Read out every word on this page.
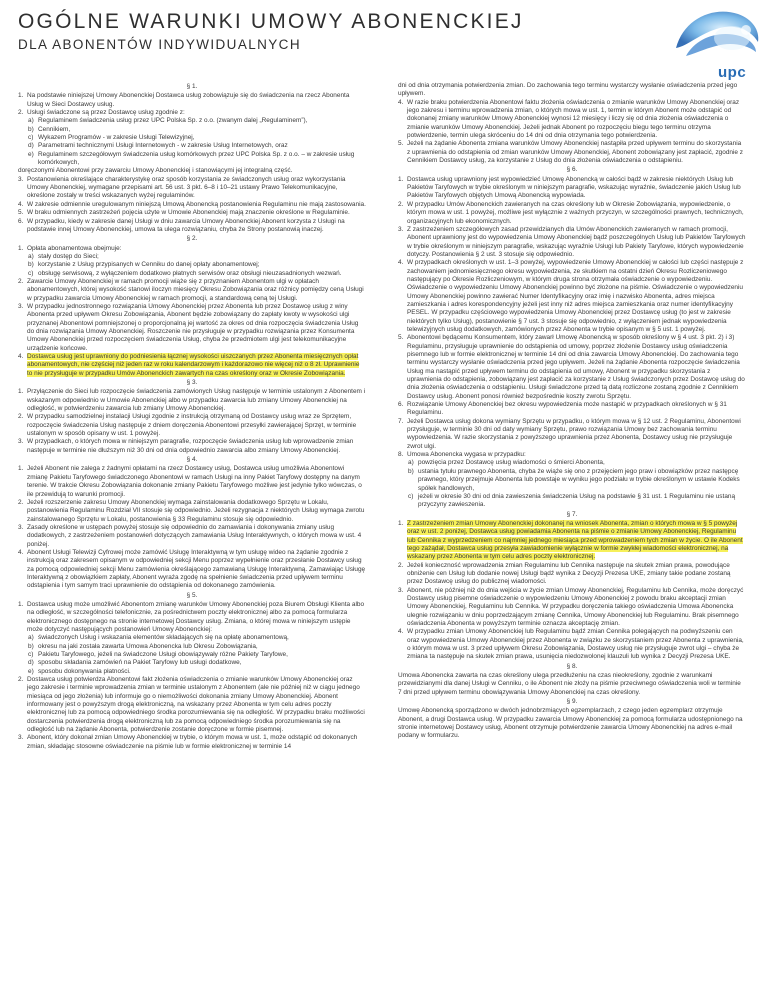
OGÓLNE WARUNKI UMOWY ABONENCKIEJ
DLA ABONENTÓW INDYWIDUALNYCH
upc
§ 1.
1. Na podstawie niniejszej Umowy Abonenckiej Dostawca usług zobowiązuje się do świadczenia na rzecz Abonenta Usług w Sieci Dostawcy usług.
2. Usługi świadczone są przez Dostawcę usług zgodnie z:
a) Regulaminem świadczenia usług przez UPC Polska Sp. z o.o. (zwanym dalej „Regulaminem”),
b) Cennikiem,
c) Wykazem Programów - w zakresie Usługi Telewizyjnej,
d) Parametrami technicznymi Usługi Internetowych - w zakresie Usług Internetowych, oraz
e) Regulaminem szczegółowym świadczenia usług komórkowych przez UPC Polska Sp. z o.o. – w zakresie usług komórkowych,
doręczonymi Abonentowi przy zawarciu Umowy Abonenckiej i stanowiącymi jej integralną część.
3. Postanowienia określające charakterystykę oraz sposób korzystania ze świadczonych usług oraz wykorzystania Umowy Abonenckiej, wymagane przepisami art. 56 ust. 3 pkt. 6–8 i 10–21 ustawy Prawo Telekomunikacyjne, określone zostały w treści wskazanych wyżej regulaminów.
4. W zakresie odmiennie uregulowanym niniejszą Umową Abonencką postanowienia Regulaminu nie mają zastosowania.
5. W braku odmiennych zastrzeżeń pojęcia użyte w Umowie Abonenckiej mają znaczenie określone w Regulaminie.
6. W przypadku, kiedy w zakresie danej Usługi w dniu zawarcia Umowy Abonenckiej Abonent korzysta z Usługi na podstawie innej Umowy Abonenckiej, umowa ta ulega rozwiązaniu, chyba że Strony postanowią inaczej.
§ 2.
1. Opłata abonamentowa obejmuje:
a) stały dostęp do Sieci;
b) korzystanie z Usług przypisanych w Cenniku do danej opłaty abonamentowej;
c) obsługę serwisową, z wyłączeniem dodatkowo płatnych serwisów oraz obsługi nieuzasadnionych wezwań.
2. Zawarcie Umowy Abonenckiej w ramach promocji wiąże się z przyznaniem Abonentom ulgi w opłatach abonamentowych, której wysokość stanowi iloczyn miesięcy Okresu Zobowiązania oraz różnicy pomiędzy ceną Usługi w przypadku zawarcia Umowy Abonenckiej w ramach promocji, a standardową ceną tej Usługi.
3. W przypadku jednostronnego rozwiązania Umowy Abonenckiej przez Abonenta lub przez Dostawcę usług z winy Abonenta przed upływem Okresu Zobowiązania, Abonent będzie zobowiązany do zapłaty kwoty w wysokości ulgi przyznanej Abonentowi pomniejszonej o proporcjonalną jej wartość za okres od dnia rozpoczęcia świadczenia Usług do dnia rozwiązania Umowy Abonenckiej. Roszczenie nie przysługuje w przypadku rozwiązania przez Konsumenta Umowy Abonenckiej przed rozpoczęciem świadczenia Usług, chyba że przedmiotem ulgi jest telekomunikacyjne urządzenie końcowe.
4. Dostawca usług jest uprawniony do podniesienia łącznej wysokości uiszczanych przez Abonenta miesięcznych opłat abonamentowych, nie częściej niż jeden raz w roku kalendarzowym i każdorazowo nie więcej niż o 8 zł. Uprawnienie to nie przysługuje w przypadku Umów Abonenckich zawartych na czas określony oraz w Okresie Zobowiązania.
§ 3.
1. Przyłączenie do Sieci lub rozpoczęcie świadczenia zamówionych Usług następuje w terminie ustalonym z Abonentem i wskazanym odpowiednio w Umowie Abonenckiej albo w przypadku zawarcia lub zmiany Umowy Abonenckiej na odległość, w potwierdzeniu zawarcia lub zmiany Umowy Abonenckiej.
2. W przypadku samodzielnej instalacji Usługi zgodnie z instrukcją otrzymaną od Dostawcy usług wraz ze Sprzętem, rozpoczęcie świadczenia Usług następuje z dniem doręczenia Abonentowi przesyłki zawierającej Sprzęt, w terminie ustalonym w sposób opisany w ust. 1 powyżej.
3. W przypadkach, o których mowa w niniejszym paragrafie, rozpoczęcie świadczenia usług lub wprowadzenie zmian następuje w terminie nie dłuższym niż 30 dni od dnia odpowiednio zawarcia albo zmiany Umowy Abonenckiej.
§ 4.
1. Jeżeli Abonent nie zalega z żadnymi opłatami na rzecz Dostawcy usług, Dostawca usług umożliwia Abonentowi zmianę Pakietu Taryfowego świadczonego Abonentowi w ramach Usługi na inny Pakiet Taryfowy dostępny na danym terenie. W trakcie Okresu Zobowiązania dokonanie zmiany Pakietu Taryfowego możliwe jest jedynie tylko wówczas, o ile przewidują to warunki promocji.
2. Jeżeli rozszerzenie zakresu Umowy Abonenckiej wymaga zainstalowania dodatkowego Sprzętu w Lokalu, postanowienia Regulaminu Rozdział VII stosuje się odpowiednio. Jeżeli rezygnacja z niektórych Usług wymaga zwrotu zainstalowanego Sprzętu w Lokalu, postanowienia § 33 Regulaminu stosuje się odpowiednio.
3. Zasady określone w ustępach powyżej stosuje się odpowiednio do zamawiania i dokonywania zmiany usług dodatkowych, z zastrzeżeniem postanowień dotyczących zamawiania Usług Interaktywnych, o których mowa w ust. 4 poniżej.
4. Abonent Usługi Telewizji Cyfrowej może zamówić Usługę Interaktywną w tym usługę wideo na żądanie zgodnie z instrukcją oraz zakresem opisanym w odpowiedniej sekcji Menu poprzez wypełnienie oraz przesłanie Dostawcy usług za pomocą odpowiedniej sekcji Menu zamówienia określającego zamawianą Usługę Interaktywną. Zamawiając Usługę Interaktywną z obowiązkiem zapłaty, Abonent wyraża zgodę na spełnienie świadczenia przed upływem terminu odstąpienia i tym samym traci uprawnienie do odstąpienia od dokonanego zamówienia.
§ 5.
1. Dostawca usług może umożliwić Abonentom zmianę warunków Umowy Abonenckiej poza Biurem Obsługi Klienta albo na odległość, w szczególności telefonicznie, za pośrednictwem poczty elektronicznej albo za pomocą formularza elektronicznego dostępnego na stronie internetowej Dostawcy usług. Zmiana, o której mowa w niniejszym ustępie może dotyczyć następujących postanowień Umowy Abonenckiej:
a) świadczonych Usług i wskazania elementów składających się na opłatę abonamentową,
b) okresu na jaki została zawarta Umowa Abonencka lub Okresu Zobowiązania,
c) Pakietu Taryfowego, jeżeli na świadczone Usługi obowiązywały różne Pakiety Taryfowe,
d) sposobu składania zamówień na Pakiet Taryfowy lub usługi dodatkowe,
e) sposobu dokonywania płatności.
2. Dostawca usług potwierdza Abonentowi fakt złożenia oświadczenia o zmianie warunków Umowy Abonenckiej oraz jego zakresie i terminie wprowadzenia zmian w terminie ustalonym z Abonentem (ale nie później niż w ciągu jednego miesiąca od jego złożenia) lub informuje go o niemożliwości dokonania zmiany Umowy Abonenckiej. Abonent informowany jest o powyższym drogą elektroniczną, na wskazany przez Abonenta w tym celu adres poczty elektronicznej lub za pomocą odpowiedniego środka porozumiewania się na odległość. W przypadku braku możliwości dostarczenia potwierdzenia drogą elektroniczną lub za pomocą odpowiedniego środka porozumiewania się na odległość lub na żądanie Abonenta, potwierdzenie zostanie doręczone w formie pisemnej.
3. Abonent, który dokonał zmian Umowy Abonenckiej w trybie, o którym mowa w ust. 1, może odstąpić od dokonanych zmian, składając stosowne oświadczenie na piśmie lub w formie elektronicznej w terminie 14
dni od dnia otrzymania potwierdzenia zmian. Do zachowania tego terminu wystarczy wysłanie oświadczenia przed jego upływem.
4. W razie braku potwierdzenia Abonentowi faktu złożenia oświadczenia o zmianie warunków Umowy Abonenckiej oraz jego zakresu i terminu wprowadzenia zmian, o których mowa w ust. 1, termin w którym Abonent może odstąpić od dokonanej zmiany warunków Umowy Abonenckiej wynosi 12 miesięcy i liczy się od dnia złożenia oświadczenia o zmianie warunków Umowy Abonenckiej. Jeżeli jednak Abonent po rozpoczęciu biegu tego terminu otrzyma potwierdzenie, termin ulega skróceniu do 14 dni od dnia otrzymania tego potwierdzenia.
5. Jeżeli na żądanie Abonenta zmiana warunków Umowy Abonenckiej nastąpiła przed upływem terminu do skorzystania z uprawnienia do odstąpienia od zmian warunków Umowy Abonenckiej, Abonent zobowiązany jest zapłacić, zgodnie z Cennikiem Dostawcy usług, za korzystanie z Usług do dnia złożenia oświadczenia o odstąpieniu.
§ 6.
1. Dostawca usług uprawniony jest wypowiedzieć Umowę Abonencką w całości bądź w zakresie niektórych Usług lub Pakietów Taryfowych w trybie określonym w niniejszym paragrafie, wskazując wyraźnie, świadczenie jakich Usług lub Pakietów Taryfowych objętych Umową Abonencką wypowiada.
2. W przypadku Umów Abonenckich zawieranych na czas określony lub w Okresie Zobowiązania, wypowiedzenie, o którym mowa w ust. 1 powyżej, możliwe jest wyłącznie z ważnych przyczyn, w szczególności prawnych, technicznych, organizacyjnych lub ekonomicznych.
3. Z zastrzeżeniem szczegółowych zasad przewidzianych dla Umów Abonenckich zawieranych w ramach promocji, Abonent uprawniony jest do wypowiedzenia Umowy Abonenckiej bądź poszczególnych Usług lub Pakietów Taryfowych w trybie określonym w niniejszym paragrafie, wskazując wyraźnie Usługi lub Pakiety Taryfowe, których wypowiedzenie dotyczy. Postanowienia § 2 ust. 3 stosuje się odpowiednio.
4. W przypadkach określonych w ust. 1–3 powyżej, wypowiedzenie Umowy Abonenckiej w całości lub części następuje z zachowaniem jednomiesięcznego okresu wypowiedzenia, ze skutkiem na ostatni dzień Okresu Rozliczeniowego następujący po Okresie Rozliczeniowym, w którym druga strona otrzymała oświadczenie o wypowiedzeniu. Oświadczenie o wypowiedzeniu Umowy Abonenckiej powinno być złożone na piśmie. Oświadczenie o wypowiedzeniu Umowy Abonenckiej powinno zawierać Numer Identyfikacyjny oraz imię i nazwisko Abonenta, adres miejsca zamieszkania i adres korespondencyjny jeżeli jest inny niż adres miejsca zamieszkania oraz numer identyfikacyjny PESEL. W przypadku częściowego wypowiedzenia Umowy Abonenckiej przez Dostawcę usług (to jest w zakresie niektórych tylko Usług), postanowienie § 7 ust. 3 stosuje się odpowiednio, z wyłączeniem jednak wypowiedzenia telewizyjnych usług dodatkowych, zamówionych przez Abonenta w trybie opisanym w § 5 ust. 1 powyżej.
5. Abonentowi będącemu Konsumentem, który zawarł Umowę Abonencką w sposób określony w § 4 ust. 3 pkt. 2) i 3) Regulaminu, przysługuje uprawnienie do odstąpienia od umowy, poprzez złożenie Dostawcy usług oświadczenia pisemnego lub w formie elektronicznej w terminie 14 dni od dnia zawarcia Umowy Abonenckiej. Do zachowania tego terminu wystarczy wysłanie oświadczenia przed jego upływem. Jeżeli na żądanie Abonenta rozpoczęcie świadczenia Usług ma nastąpić przed upływem terminu do odstąpienia od umowy, Abonent w przypadku skorzystania z uprawnienia do odstąpienia, zobowiązany jest zapłacić za korzystanie z Usług świadczonych przez Dostawcę usług do dnia złożenia oświadczenia o odstąpieniu. Usługi świadczone przed tą datą rozliczone zostaną zgodnie z Cennikiem Dostawcy usług. Abonent ponosi również bezpośrednie koszty zwrotu Sprzętu.
6. Rozwiązanie Umowy Abonenckiej bez okresu wypowiedzenia może nastąpić w przypadkach określonych w § 31 Regulaminu.
7. Jeżeli Dostawca usług dokona wymiany Sprzętu w przypadku, o którym mowa w § 12 ust. 2 Regulaminu, Abonentowi przysługuje, w terminie 30 dni od daty wymiany Sprzętu, prawo rozwiązania Umowy bez zachowania terminu wypowiedzenia. W razie skorzystania z powyższego uprawnienia przez Abonenta, Dostawcy usług nie przysługuje zwrot ulgi.
8. Umowa Abonencka wygasa w przypadku:
a) powzięcia przez Dostawcę usług wiadomości o śmierci Abonenta,
b) ustania tytułu prawnego Abonenta, chyba że wiąże się ono z przejęciem jego praw i obowiązków przez następcę prawnego, który przejmuje Abonenta lub powstaje w wyniku jego podziału w trybie określonym w ustawie Kodeks spółek handlowych,
c) jeżeli w okresie 30 dni od dnia zawieszenia świadczenia Usług na podstawie § 31 ust. 1 Regulaminu nie ustaną przyczyny zawieszenia.
§ 7.
1. Z zastrzeżeniem zmian Umowy Abonenckiej dokonanej na wniosek Abonenta, zmian o których mowa w § 5 powyżej oraz w ust. 2 poniżej, Dostawca usług powiadamia Abonenta na piśmie o zmianie Umowy Abonenckiej, Regulaminu lub Cennika z wyprzedzeniem co najmniej jednego miesiąca przed wprowadzeniem tych zmian w życie. O ile Abonent tego zażądał, Dostawca usług przesyła zawiadomienie wyłącznie w formie zwykłej wiadomości elektronicznej, na wskazany przez Abonenta w tym celu adres poczty elektronicznej.
2. Jeżeli konieczność wprowadzenia zmian Regulaminu lub Cennika następuje na skutek zmian prawa, powodujące obniżenie cen Usług lub dodanie nowej Usługi bądź wynika z Decyzji Prezesa UKE, zmiany takie podane zostaną przez Dostawcę usług do publicznej wiadomości.
3. Abonent, nie później niż do dnia wejścia w życie zmian Umowy Abonenckiej, Regulaminu lub Cennika, może doręczyć Dostawcy usług pisemne oświadczenie o wypowiedzeniu Umowy Abonenckiej z powodu braku akceptacji zmian Umowy Abonenckiej, Regulaminu lub Cennika. W przypadku doręczenia takiego oświadczenia Umowa Abonencka ulegnie rozwiązaniu w dniu poprzedzającym zmianę Cennika, Umowy Abonenckiej lub Regulaminu. Brak pisemnego oświadczenia Abonenta w powyższym terminie oznacza akceptację zmian.
4. W przypadku zmian Umowy Abonenckiej lub Regulaminu bądź zmian Cennika polegających na podwyższeniu cen oraz wypowiedzenia Umowy Abonenckiej przez Abonenta w związku ze skorzystaniem przez Abonenta z uprawnienia, o którym mowa w ust. 3 przed upływem Okresu Zobowiązania, Dostawcy usług nie przysługuje zwrot ulgi – chyba że zmiana ta następuje na skutek zmian prawa, usunięcia niedozwolonej klauzuli lub wynika z Decyzji Prezesa UKE.
§ 8.
Umowa Abonencka zawarta na czas określony ulega przedłużeniu na czas nieokreślony, zgodnie z warunkami przewidzianymi dla danej Usługi w Cenniku, o ile Abonent nie złoży na piśmie przeciwnego oświadczenia woli w terminie 7 dni przed upływem terminu obowiązywania Umowy Abonenckiej na czas określony.
§ 9.
Umowę Abonencką sporządzono w dwóch jednobrzmiących egzemplarzach, z czego jeden egzemplarz otrzymuje Abonent, a drugi Dostawca usług. W przypadku zawarcia Umowy Abonenckiej za pomocą formularza udostępnionego na stronie internetowej Dostawcy usług, Abonent otrzymuje potwierdzenie zawarcia Umowy Abonenckiej na adres e-mail podany w formularzu.
